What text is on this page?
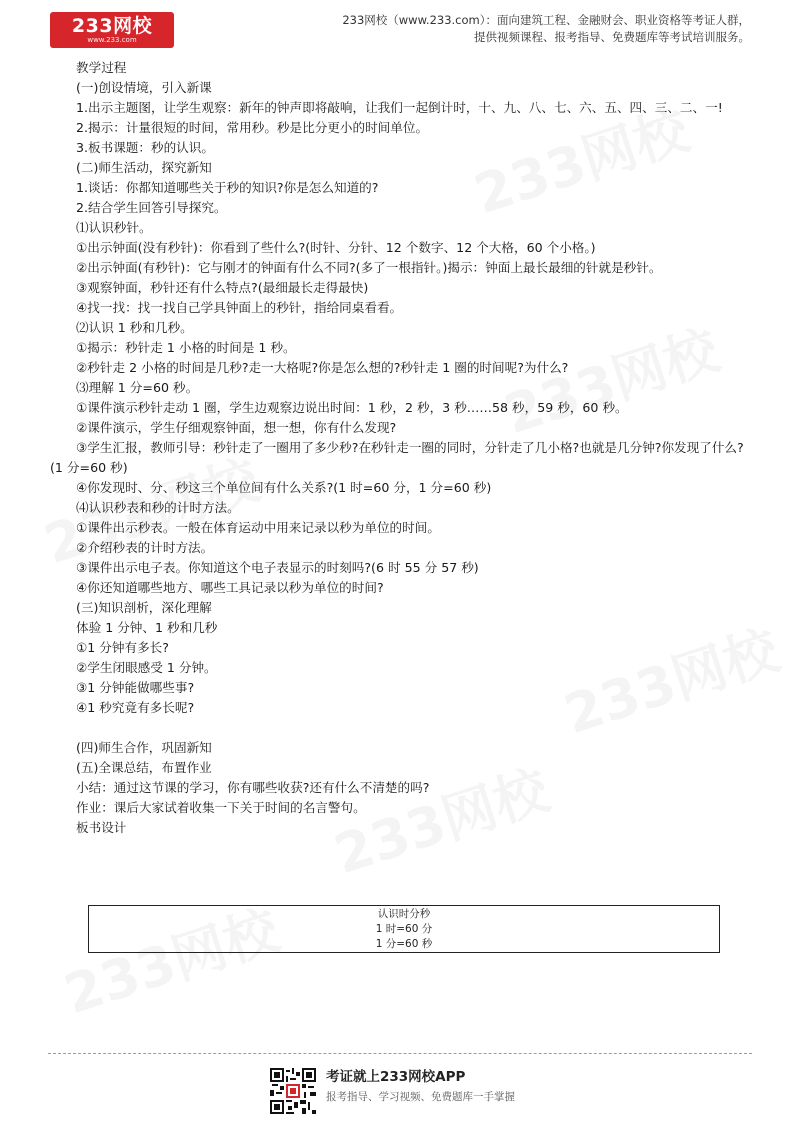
233网校
www.233.com
233网校（www.233.com）：面向建筑工程、金融财会、职业资格等考证人群，
提供视频课程、报考指导、免费题库等考试培训服务。
教学过程
(一)创设情境，引入新课
1.出示主题图，让学生观察：新年的钟声即将敲响，让我们一起倒计时，十、九、八、七、六、五、四、三、二、一!
2.揭示：计量很短的时间，常用秒。秒是比分更小的时间单位。
3.板书课题：秒的认识。
(二)师生活动，探究新知
1.谈话：你都知道哪些关于秒的知识?你是怎么知道的?
2.结合学生回答引导探究。
⑴认识秒针。
①出示钟面(没有秒针)：你看到了些什么?(时针、分针、12 个数字、12 个大格，60 个小格。)
②出示钟面(有秒针)：它与刚才的钟面有什么不同?(多了一根指针。)揭示：钟面上最长最细的针就是秒针。
③观察钟面，秒针还有什么特点?(最细最长走得最快)
④找一找：找一找自己学具钟面上的秒针，指给同桌看看。
⑵认识 1 秒和几秒。
①揭示：秒针走 1 小格的时间是 1 秒。
②秒针走 2 小格的时间是几秒?走一大格呢?你是怎么想的?秒针走 1 圈的时间呢?为什么?
⑶理解 1 分=60 秒。
①课件演示秒针走动 1 圈，学生边观察边说出时间：1 秒，2 秒，3 秒……58 秒，59 秒，60 秒。
②课件演示，学生仔细观察钟面，想一想，你有什么发现?
③学生汇报，教师引导：秒针走了一圈用了多少秒?在秒针走一圈的同时，分针走了几小格?也就是几分钟?你发现了什么?(1 分=60 秒)
④你发现时、分、秒这三个单位间有什么关系?(1 时=60 分，1 分=60 秒)
⑷认识秒表和秒的计时方法。
①课件出示秒表。一般在体育运动中用来记录以秒为单位的时间。
②介绍秒表的计时方法。
③课件出示电子表。你知道这个电子表显示的时刻吗?(6 时 55 分 57 秒)
④你还知道哪些地方、哪些工具记录以秒为单位的时间?
(三)知识剖析，深化理解
体验 1 分钟、1 秒和几秒
①1 分钟有多长?
②学生闭眼感受 1 分钟。
③1 分钟能做哪些事?
④1 秒究竟有多长呢?
(四)师生合作，巩固新知
(五)全课总结，布置作业
小结：通过这节课的学习，你有哪些收获?还有什么不清楚的吗?
作业：课后大家试着收集一下关于时间的名言警句。
板书设计
认识时分秒
1 时=60 分
1 分=60 秒
考证就上233网校APP
报考指导、学习视频、免费题库一手掌握
